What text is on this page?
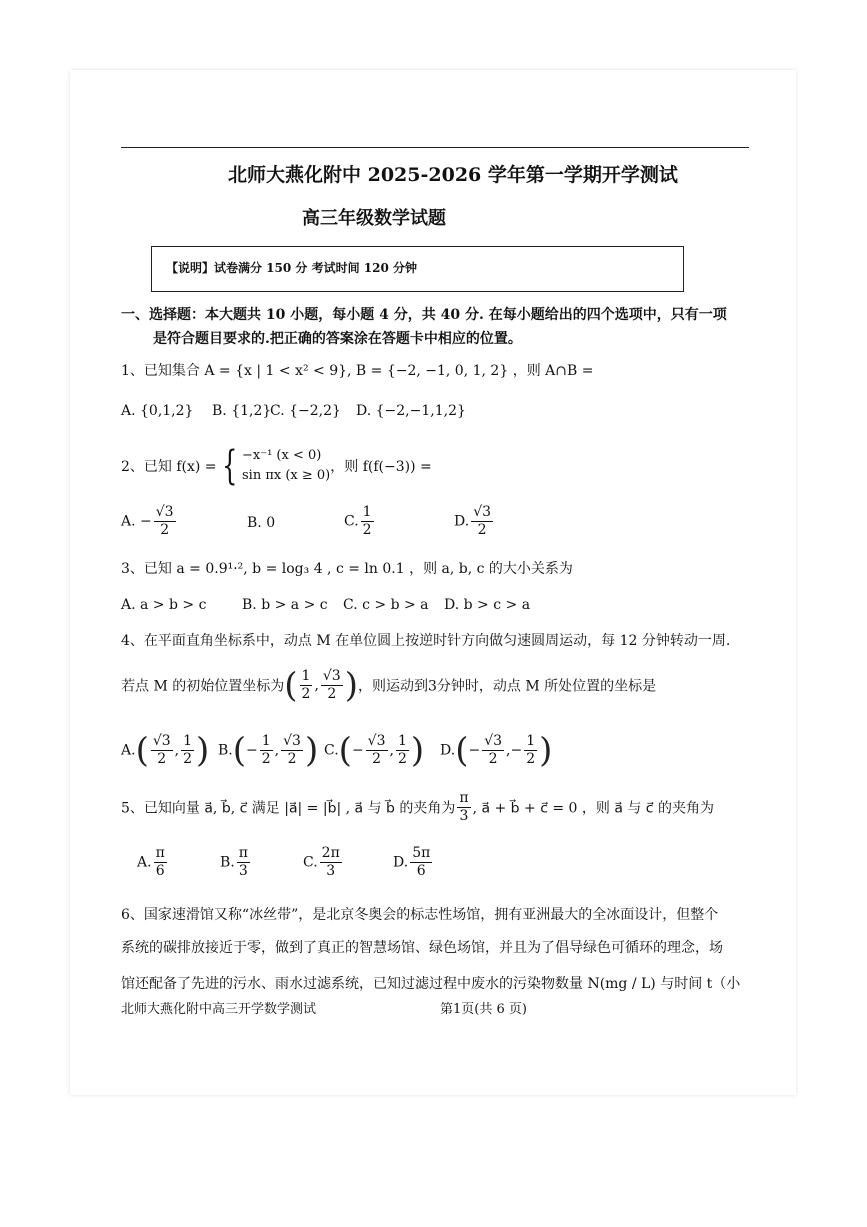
北师大燕化附中 2025-2026 学年第一学期开学测试
高三年级数学试题
【说明】试卷满分 150 分 考试时间 120 分钟
一、选择题：本大题共 10 小题，每小题 4 分，共 40 分. 在每小题给出的四个选项中，只有一项
是符合题目要求的.把正确的答案涂在答题卡中相应的位置。
1、已知集合 A = {x | 1 < x² < 9}, B = {−2, −1, 0, 1, 2} ，则 A∩B =
A. {0,1,2} B. {1,2}
C. {−2,2} D. {−2,−1,1,2}
2、已知 f(x) = { −x⁻¹ (x < 0)
sin πx (x ≥ 0)
，则 f(f(−3)) =
A. − $\frac{√3}{2}$	B. 0	C. $\frac{1}{2}$	D. $\frac{√3}{2}$
3、已知 a = 0.9¹·², b = log₃ 4 , c = ln 0.1 ，则 a, b, c 的大小关系为
A. a > b > c	B. b > a > c C. c > b > a D. b > c > a
4、在平面直角坐标系中，动点 M 在单位圆上按逆时针方向做匀速圆周运动，每 12 分钟转动一周.
若点 M 的初始位置坐标为( $\frac{1}{2}$ , $\frac{√3}{2}$ )，则运动到3分钟时，动点 M 所处位置的坐标是
$A.( \frac{√3}{2}$ , $\frac{1}{2}$ ) $B.(- \frac{1}{2}$ , $\frac{√3}{2}$ ) $C.(- \frac{√3}{2}$ , $\frac{1}{2}$ ) $D.(- \frac{√3}{2}$ ,− $\frac{1}{2}$ )
5、已知向量 a⃗, b⃗, c⃗ 满足 |a⃗| = |b⃗| , a⃗ 与 b⃗ 的夹角为 $\frac{\pi}{3}$ , a⃗ + b⃗ + c⃗ = 0 ，则 a⃗ 与 c⃗ 的夹角为
A. $\frac{\pi}{6}$	B. $\frac{\pi}{3}$	C. $\frac{2\pi}{3}$	D. $\frac{5\pi}{6}$
6、国家速滑馆又称“冰丝带”，是北京冬奥会的标志性场馆，拥有亚洲最大的全冰面设计，但整个
系统的碳排放接近于零，做到了真正的智慧场馆、绿色场馆，并且为了倡导绿色可循环的理念，场
馆还配备了先进的污水、雨水过滤系统，已知过滤过程中废水的污染物数量 N(mg / L) 与时间 t（小
北师大燕化附中高三开学数学测试	第1页(共 6 页)
